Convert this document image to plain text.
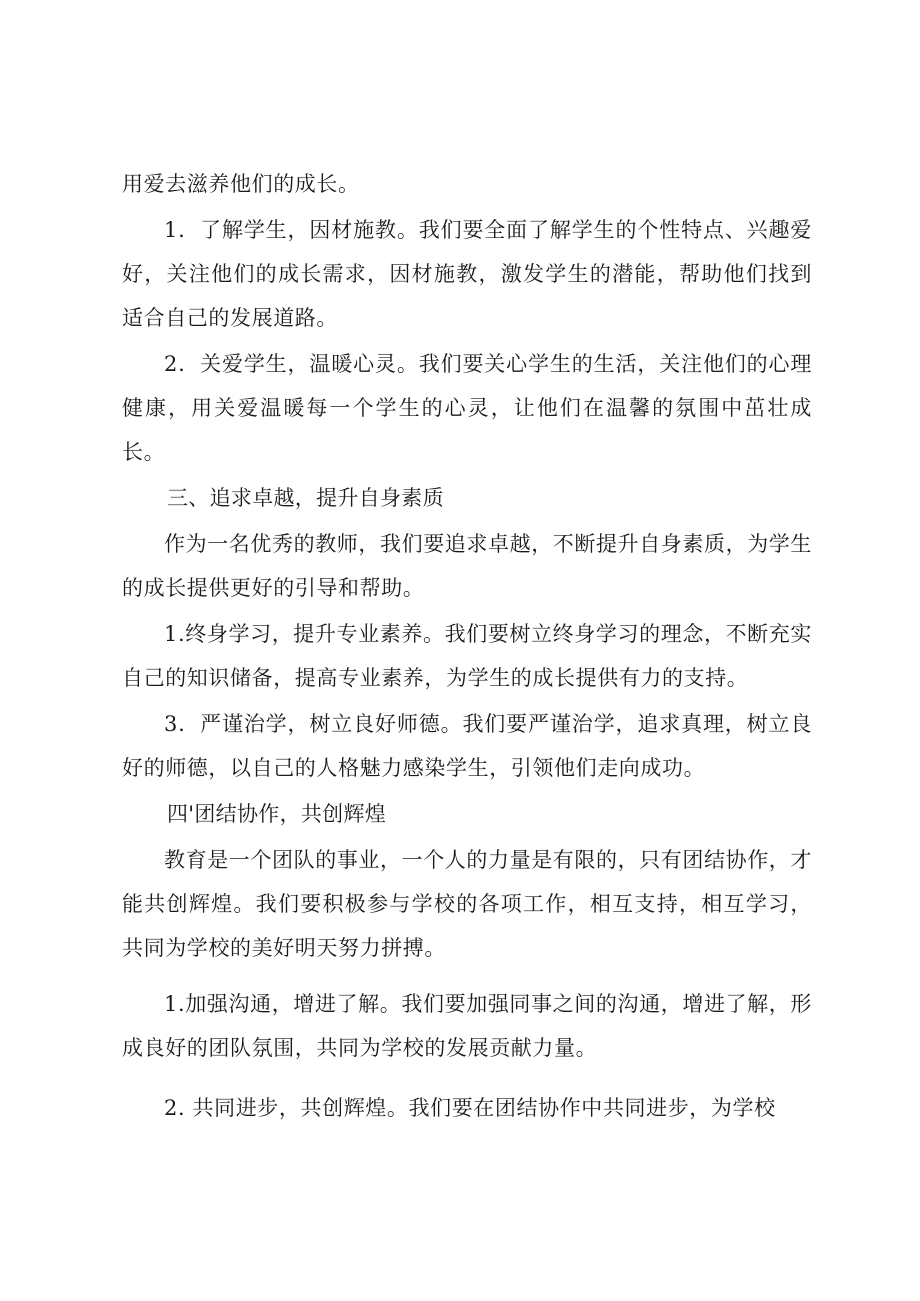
用爱去滋养他们的成长。

1．了解学生，因材施教。我们要全面了解学生的个性特点、兴趣爱好，关注他们的成长需求，因材施教，激发学生的潜能，帮助他们找到适合自己的发展道路。

2．关爱学生，温暖心灵。我们要关心学生的生活，关注他们的心理健康，用关爱温暖每一个学生的心灵，让他们在温馨的氛围中茁壮成长。

三、追求卓越，提升自身素质

作为一名优秀的教师，我们要追求卓越，不断提升自身素质，为学生的成长提供更好的引导和帮助。

1.终身学习，提升专业素养。我们要树立终身学习的理念，不断充实自己的知识储备，提高专业素养，为学生的成长提供有力的支持。

3．严谨治学，树立良好师德。我们要严谨治学，追求真理，树立良好的师德，以自己的人格魅力感染学生，引领他们走向成功。

四'团结协作，共创辉煌

教育是一个团队的事业，一个人的力量是有限的，只有团结协作，才能共创辉煌。我们要积极参与学校的各项工作，相互支持，相互学习，共同为学校的美好明天努力拼搏。

1.加强沟通，增进了解。我们要加强同事之间的沟通，增进了解，形成良好的团队氛围，共同为学校的发展贡献力量。

2. 共同进步，共创辉煌。我们要在团结协作中共同进步，为学校
